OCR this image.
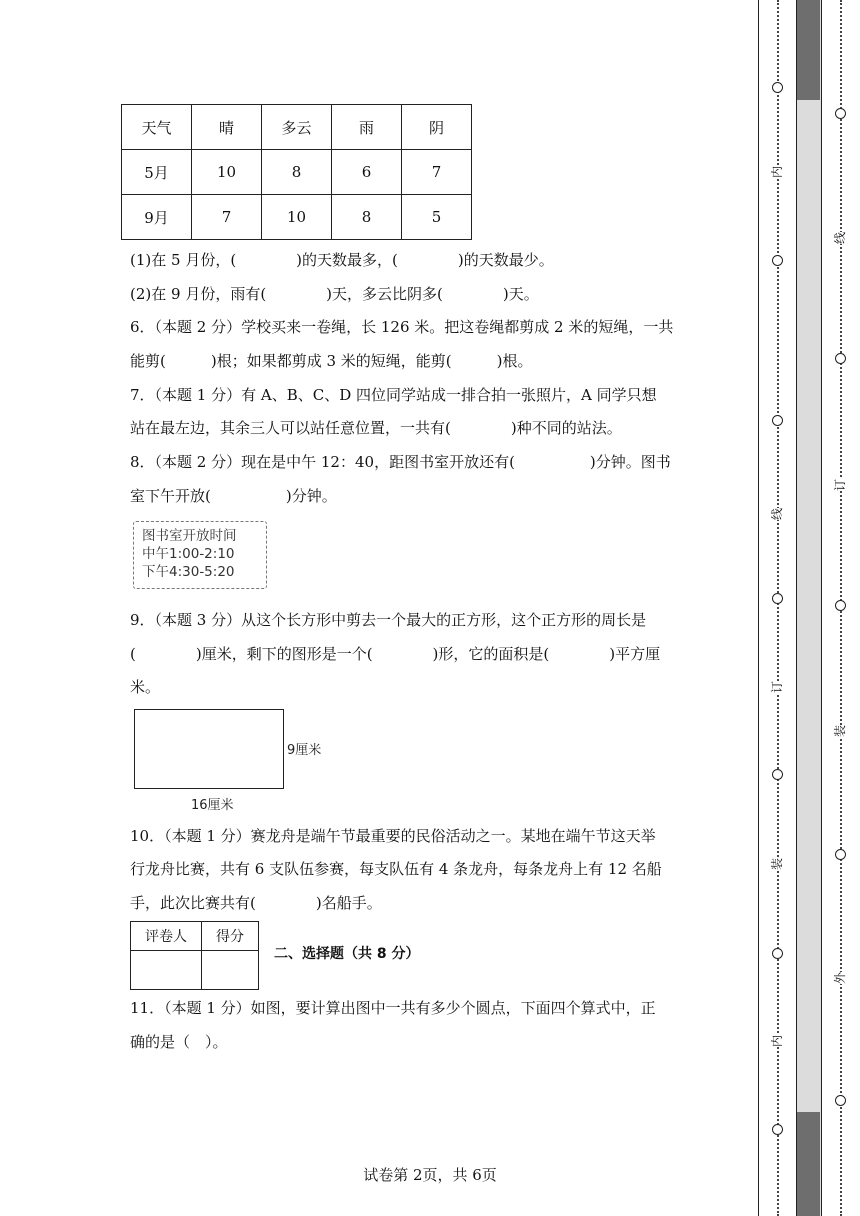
天气	晴	多云	雨	阴
5月	10	8	6	7
9月	7	10	8	5
(1)在 5 月份，(　　　　)的天数最多，(　　　　)的天数最少。
(2)在 9 月份，雨有(　　　　)天，多云比阴多(　　　　)天。
6．（本题 2 分）学校买来一卷绳，长 126 米。把这卷绳都剪成 2 米的短绳，一共
能剪(　　　)根；如果都剪成 3 米的短绳，能剪(　　　)根。
7．（本题 1 分）有 A、B、C、D 四位同学站成一排合拍一张照片，A 同学只想
站在最左边，其余三人可以站任意位置，一共有(　　　　)种不同的站法。
8．（本题 2 分）现在是中午 12：40，距图书室开放还有(　　　　　)分钟。图书
室下午开放(　　　　　)分钟。
图书室开放时间
中午1:00-2:10
下午4:30-5:20
9．（本题 3 分）从这个长方形中剪去一个最大的正方形，这个正方形的周长是
(　　　　)厘米，剩下的图形是一个(　　　　)形，它的面积是(　　　　)平方厘
米。
9厘米
16厘米
10．（本题 1 分）赛龙舟是端午节最重要的民俗活动之一。某地在端午节这天举
行龙舟比赛，共有 6 支队伍参赛，每支队伍有 4 条龙舟，每条龙舟上有 12 名船
手，此次比赛共有(　　　　)名船手。
评卷人	得分

二、选择题（共 8 分）
11．（本题 1 分）如图，要计算出图中一共有多少个圆点，下面四个算式中，正
确的是（　）。
试卷第 2页，共 6页
内
线
订
装
内
线
订
装
外
